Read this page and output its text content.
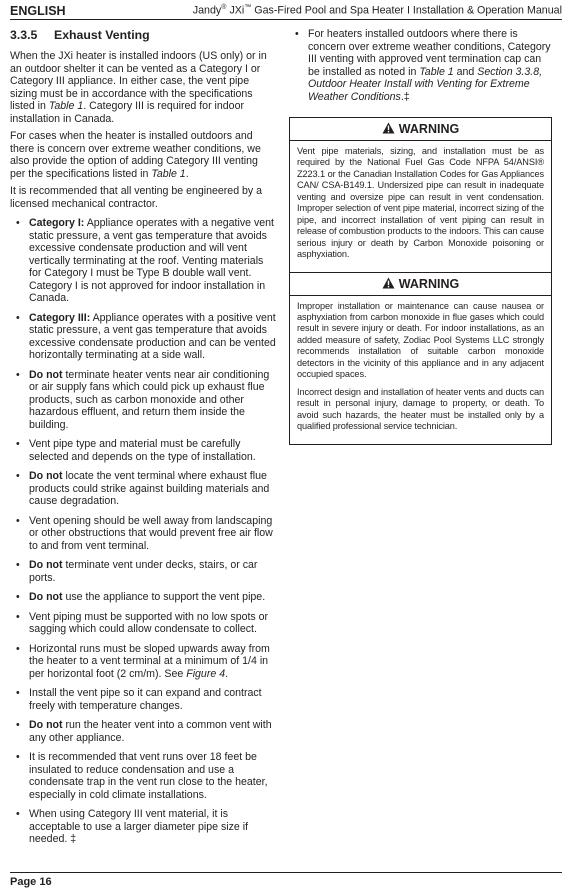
ENGLISH	Jandy® JXi™ Gas-Fired Pool and Spa Heater I Installation & Operation Manual
3.3.5 Exhaust Venting

When the JXi heater is installed indoors (US only) or in an outdoor shelter it can be vented as a Category I or Category III appliance. In either case, the vent pipe sizing must be in accordance with the specifications listed in Table 1. Category III is required for indoor installation in Canada.

For cases when the heater is installed outdoors and there is concern over extreme weather conditions, we also provide the option of adding Category III venting per the specifications listed in Table 1.

It is recommended that all venting be engineered by a licensed mechanical contractor.

• Category I: Appliance operates with a negative vent static pressure, a vent gas temperature that avoids excessive condensate production and will vent vertically terminating at the roof. Venting materials for Category I must be Type B double wall vent. Category I is not approved for indoor installation in Canada.
• Category III: Appliance operates with a positive vent static pressure, a vent gas temperature that avoids excessive condensate production and can be vented horizontally terminating at a side wall.
• Do not terminate heater vents near air conditioning or air supply fans which could pick up exhaust flue products, such as carbon monoxide and other hazardous effluent, and return them inside the building.
• Vent pipe type and material must be carefully selected and depends on the type of installation.
• Do not locate the vent terminal where exhaust flue products could strike against building materials and cause degradation.
• Vent opening should be well away from landscaping or other obstructions that would prevent free air flow to and from vent terminal.
• Do not terminate vent under decks, stairs, or car ports.
• Do not use the appliance to support the vent pipe.
• Vent piping must be supported with no low spots or sagging which could allow condensate to collect.
• Horizontal runs must be sloped upwards away from the heater to a vent terminal at a minimum of 1/4 in per horizontal foot (2 cm/m). See Figure 4.
• Install the vent pipe so it can expand and contract freely with temperature changes.
• Do not run the heater vent into a common vent with any other appliance.
• It is recommended that vent runs over 18 feet be insulated to reduce condensation and use a condensate trap in the vent run close to the heater, especially in cold climate installations.
• When using Category III vent material, it is acceptable to use a larger diameter pipe size if needed. ‡
• For heaters installed outdoors where there is concern over extreme weather conditions, Category III venting with approved vent termination cap can be installed as noted in Table 1 and Section 3.3.8, Outdoor Heater Install with Venting for Extreme Weather Conditions.‡
WARNING

Vent pipe materials, sizing, and installation must be as required by the National Fuel Gas Code NFPA 54/ANSI® Z223.1 or the Canadian Installation Codes for Gas Appliances CAN/ CSA-B149.1. Undersized pipe can result in inadequate venting and oversize pipe can result in vent condensation. Improper selection of vent pipe material, incorrect sizing of the pipe, and incorrect installation of vent piping can result in release of combustion products to the indoors. This can cause serious injury or death by Carbon Monoxide poisoning or asphyxiation.

WARNING

Improper installation or maintenance can cause nausea or asphyxiation from carbon monoxide in flue gases which could result in severe injury or death. For indoor installations, as an added measure of safety, Zodiac Pool Systems LLC strongly recommends installation of suitable carbon monoxide detectors in the vicinity of this appliance and in any adjacent occupied spaces.

Incorrect design and installation of heater vents and ducts can result in personal injury, damage to property, or death. To avoid such hazards, the heater must be installed only by a qualified professional service technician.

Page 16
